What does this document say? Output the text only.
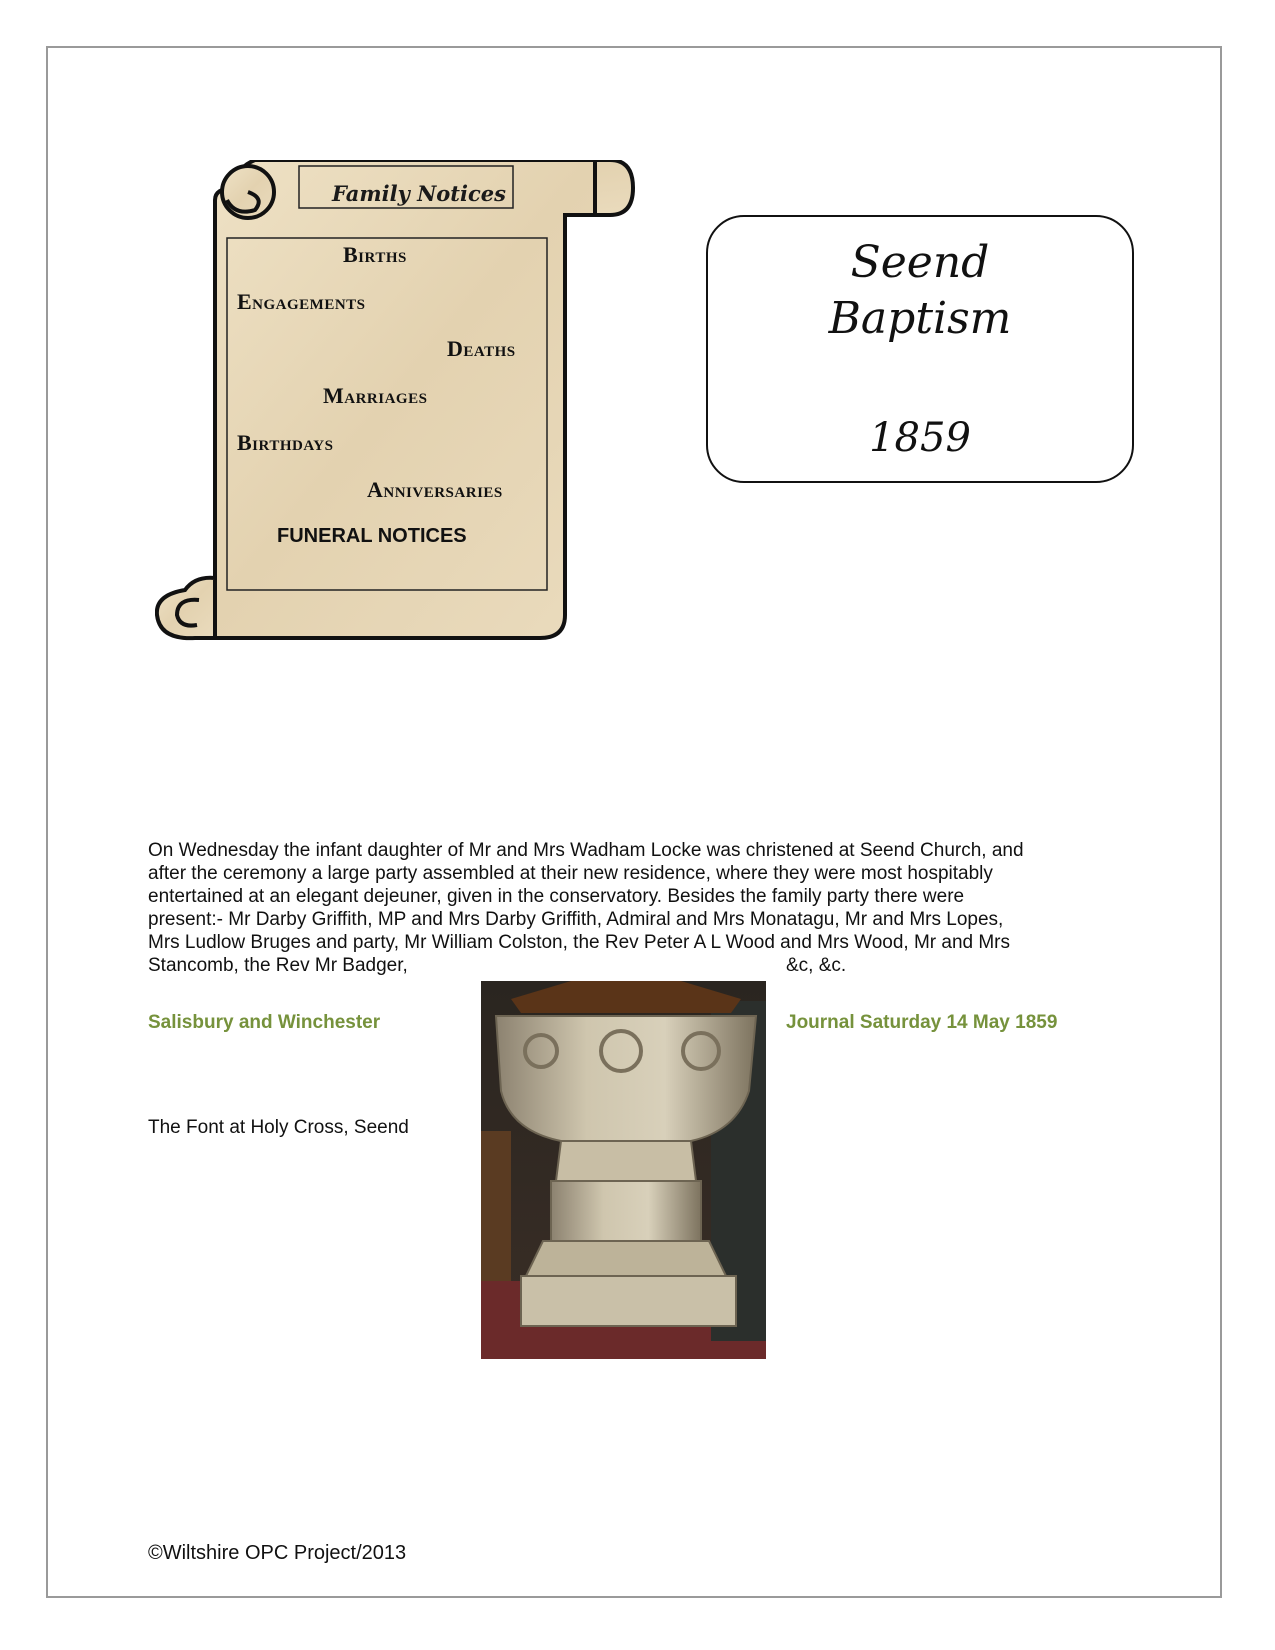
Family Notices
Births
Engagements
Deaths
Marriages
Birthdays
Anniversaries
FUNERAL NOTICES
Seend
Baptism
1859
On Wednesday the infant daughter of Mr and Mrs Wadham Locke was christened at Seend Church, and
after the ceremony a large party assembled at their new residence, where they were most hospitably
entertained at an elegant dejeuner, given in the conservatory. Besides the family party there were
present:- Mr Darby Griffith, MP and Mrs Darby Griffith, Admiral and Mrs Monatagu, Mr and Mrs Lopes,
Mrs Ludlow Bruges and party, Mr William Colston, the Rev Peter A L Wood and Mrs Wood, Mr and Mrs
Stancomb, the Rev Mr Badger,	&c, &c.
Salisbury and Winchester	Journal Saturday 14 May 1859
The Font at Holy Cross, Seend
©Wiltshire OPC Project/2013
